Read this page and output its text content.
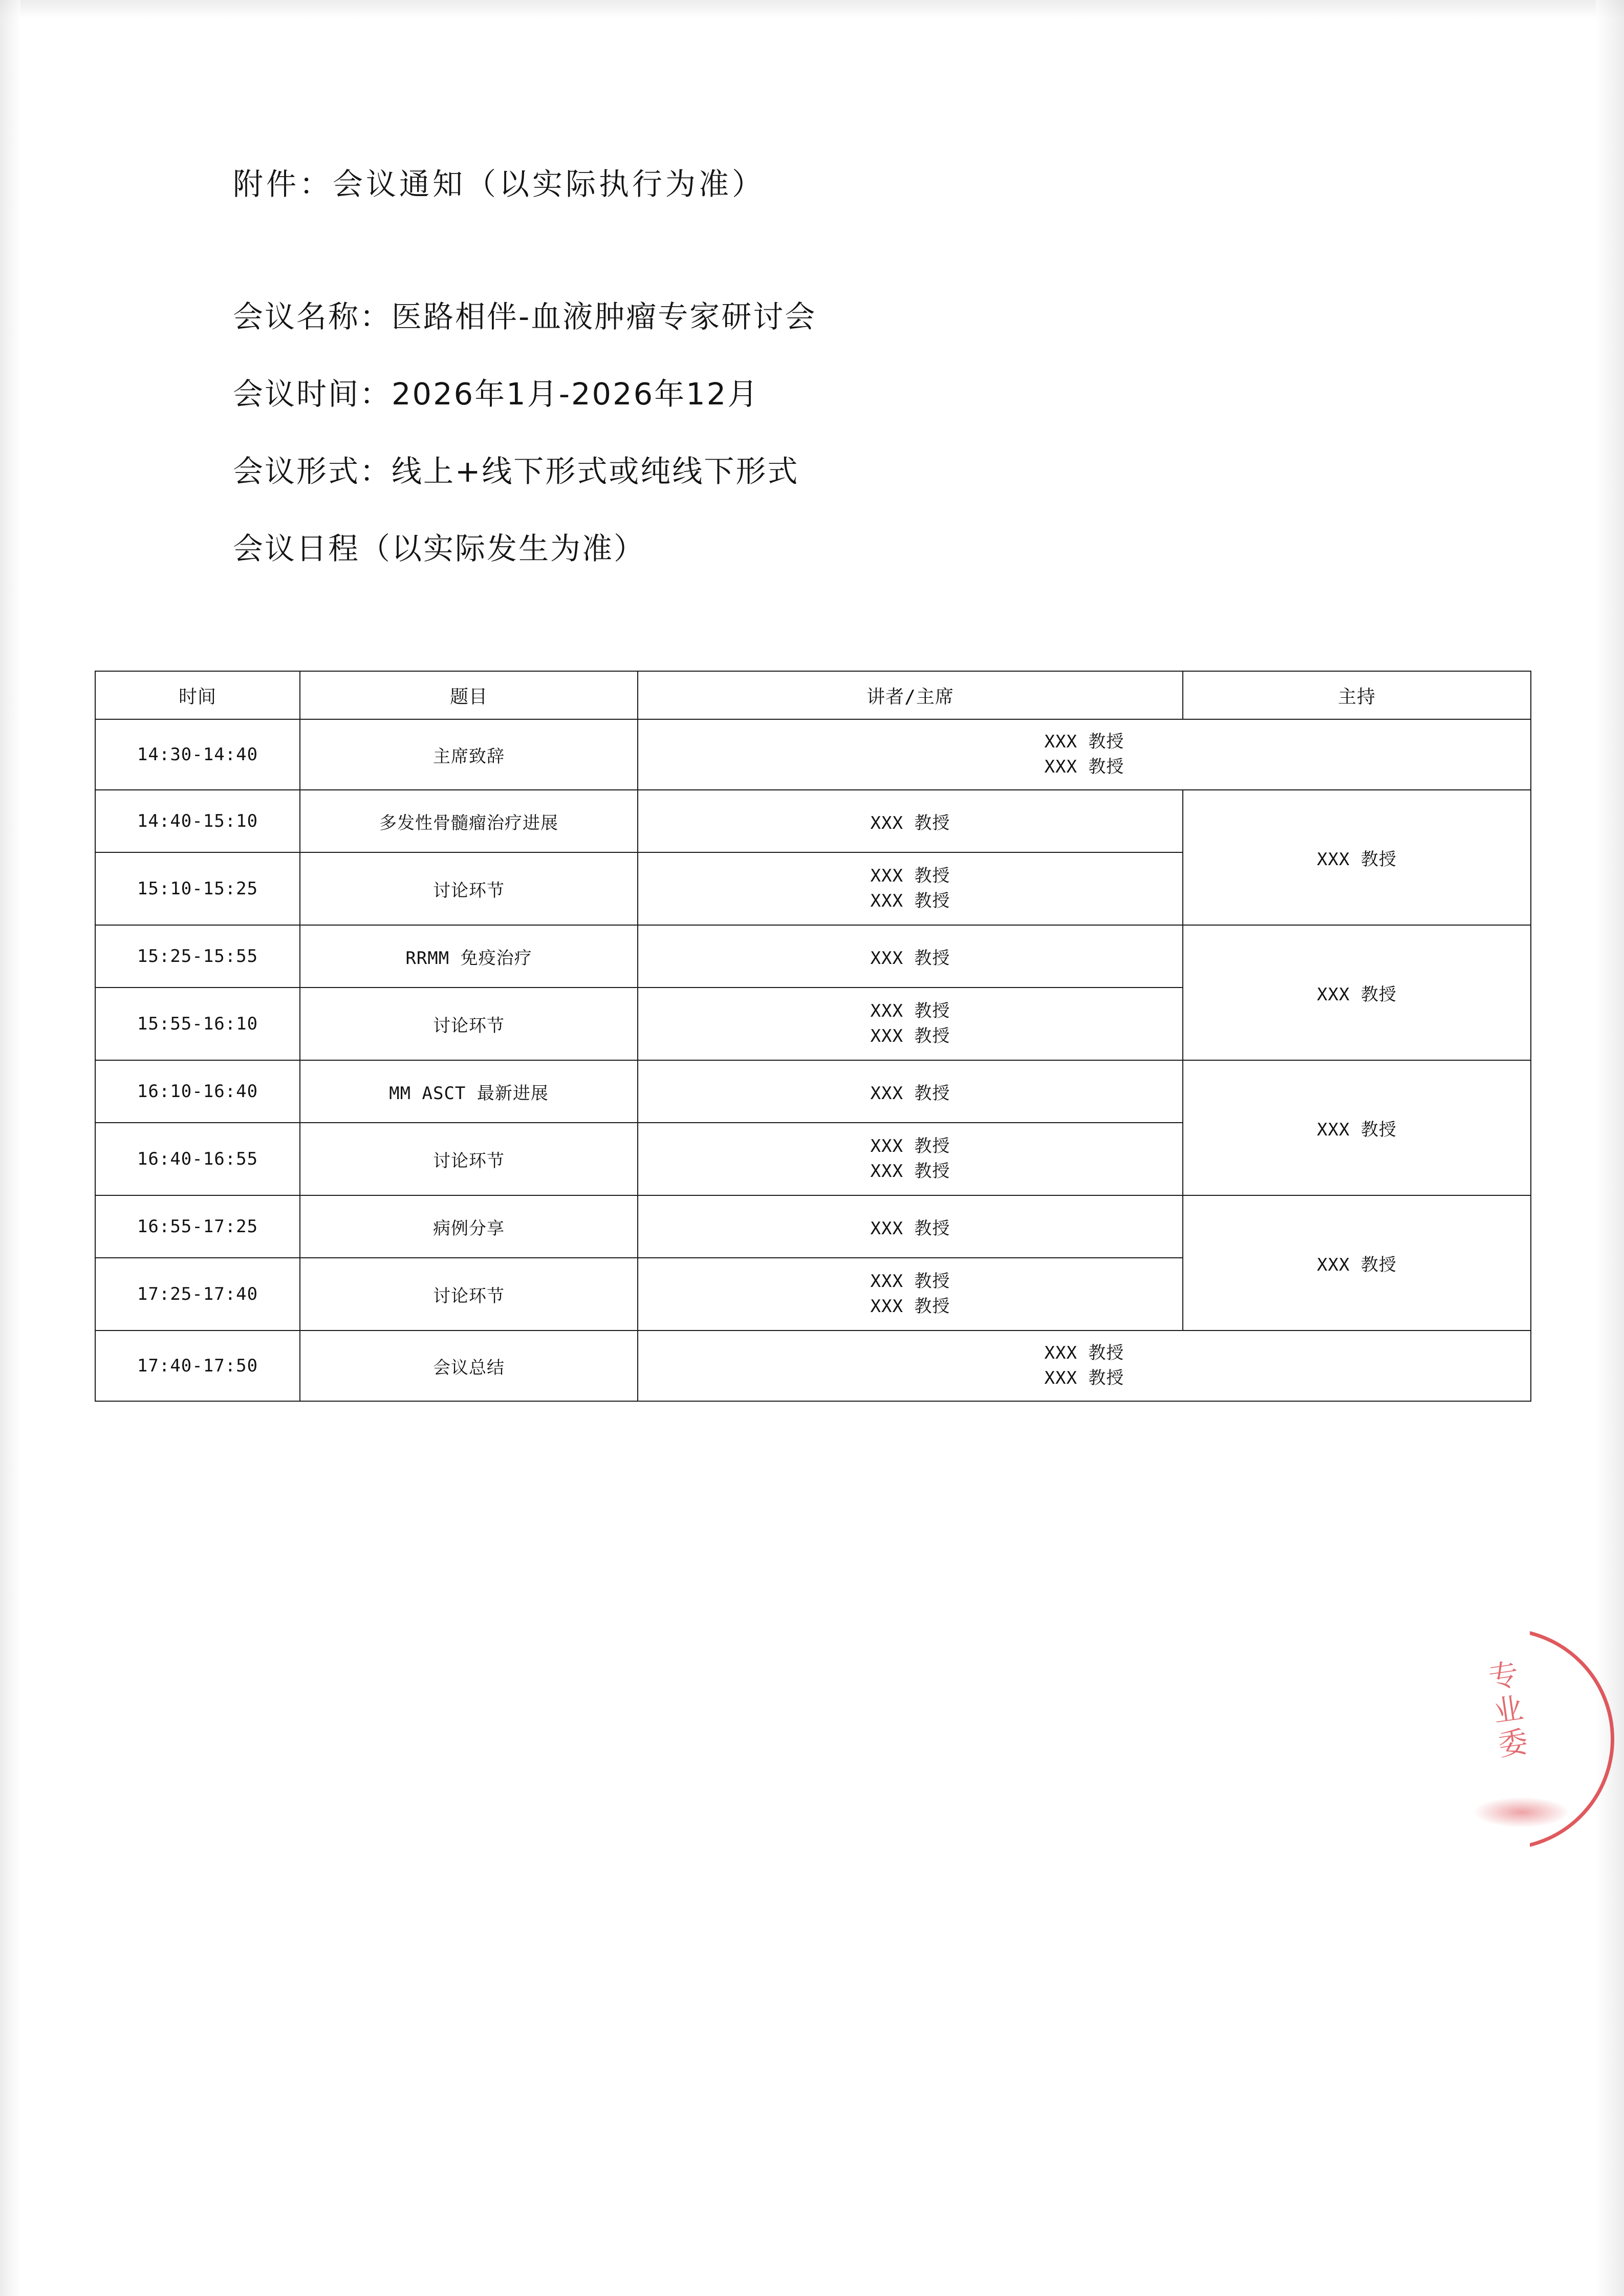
附件：会议通知（以实际执行为准）
会议名称：医路相伴-血液肿瘤专家研讨会
会议时间：2026年1月-2026年12月
会议形式：线上+线下形式或纯线下形式
会议日程（以实际发生为准）
时间	题目	讲者/主席	主持
14:30-14:40	主席致辞	XXX 教授
XXX 教授	

14:40-15:10	多发性骨髓瘤治疗进展	XXX 教授	XXX 教授
15:10-15:25	讨论环节	XXX 教授
XXX 教授	

15:25-15:55	RRMM 免疫治疗	XXX 教授	XXX 教授
15:55-16:10	讨论环节	XXX 教授
XXX 教授	

16:10-16:40	MM ASCT 最新进展	XXX 教授	XXX 教授
16:40-16:55	讨论环节	XXX 教授
XXX 教授	

16:55-17:25	病例分享	XXX 教授	XXX 教授
17:25-17:40	讨论环节	XXX 教授
XXX 教授	

17:40-17:50	会议总结	XXX 教授
XXX 教授	
专 业 委
